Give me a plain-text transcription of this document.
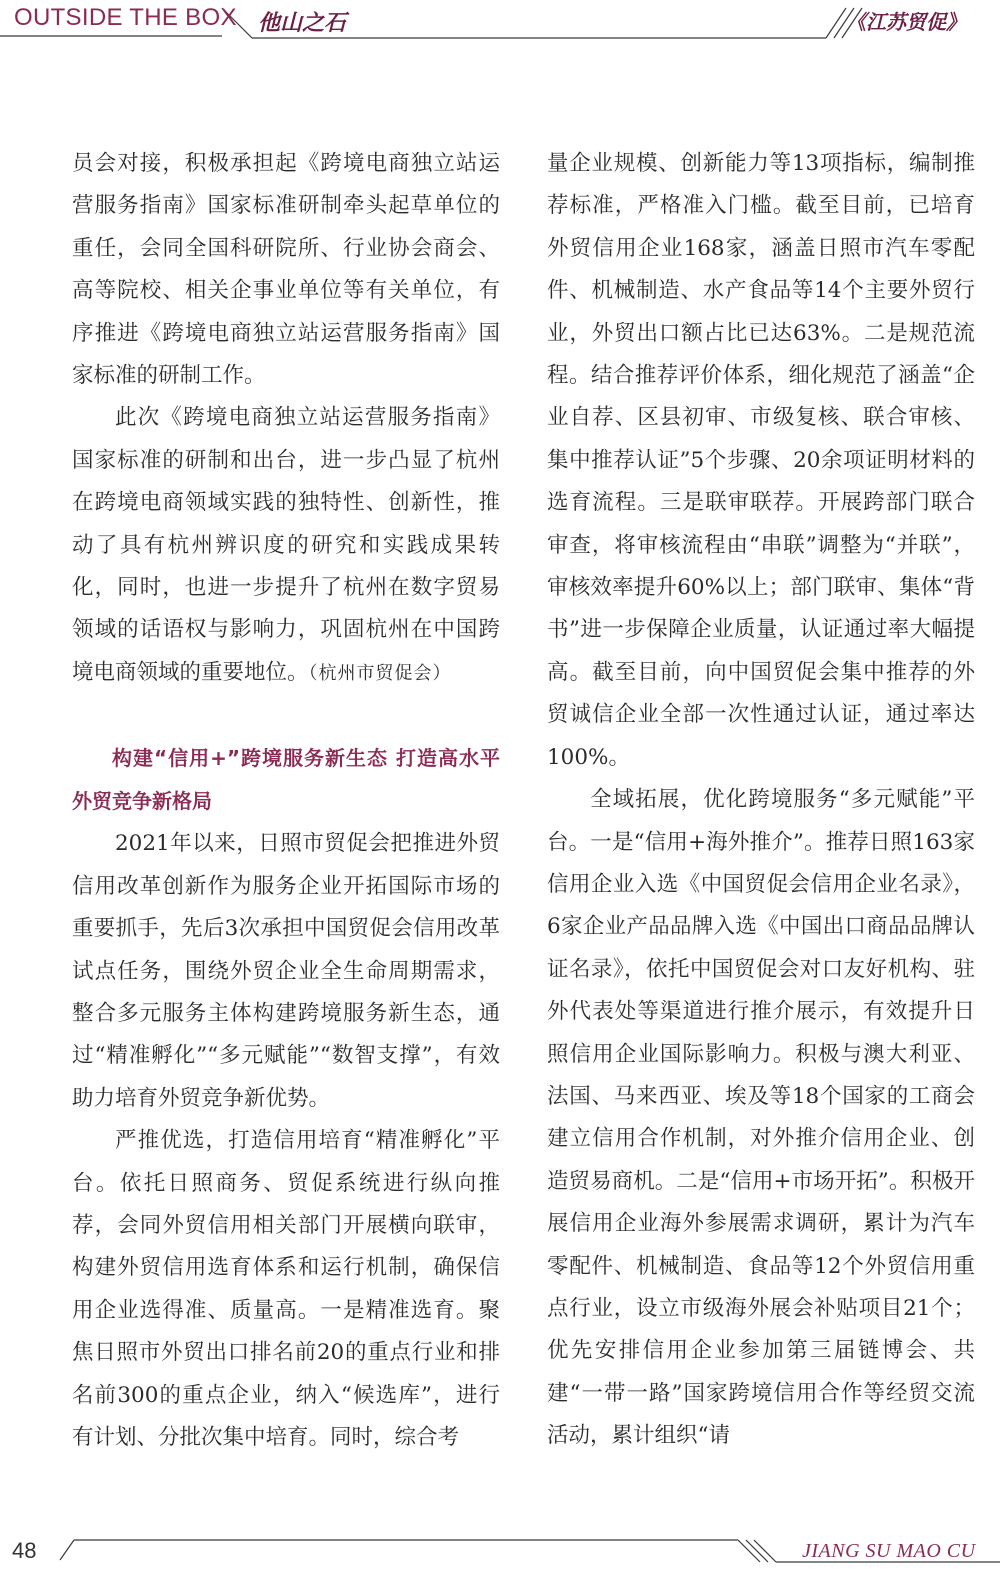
OUTSIDE THE BOX 他山之石	《江苏贸促》

员会对接，积极承担起《跨境电商独立站运营服务指南》国家标准研制牵头起草单位的重任，会同全国科研院所、行业协会商会、高等院校、相关企事业单位等有关单位，有序推进《跨境电商独立站运营服务指南》国家标准的研制工作。

此次《跨境电商独立站运营服务指南》国家标准的研制和出台，进一步凸显了杭州在跨境电商领域实践的独特性、创新性，推动了具有杭州辨识度的研究和实践成果转化，同时，也进一步提升了杭州在数字贸易领域的话语权与影响力，巩固杭州在中国跨境电商领域的重要地位。（杭州市贸促会）

构建“信用+”跨境服务新生态 打造高水平外贸竞争新格局

2021年以来，日照市贸促会把推进外贸信用改革创新作为服务企业开拓国际市场的重要抓手，先后3次承担中国贸促会信用改革试点任务，围绕外贸企业全生命周期需求，整合多元服务主体构建跨境服务新生态，通过“精准孵化”“多元赋能”“数智支撑”，有效助力培育外贸竞争新优势。

严推优选，打造信用培育“精准孵化”平台。依托日照商务、贸促系统进行纵向推荐，会同外贸信用相关部门开展横向联审，构建外贸信用选育体系和运行机制，确保信用企业选得准、质量高。一是精准选育。聚焦日照市外贸出口排名前20的重点行业和排名前300的重点企业，纳入“候选库”，进行有计划、分批次集中培育。同时，综合考

量企业规模、创新能力等13项指标，编制推荐标准，严格准入门槛。截至目前，已培育外贸信用企业168家，涵盖日照市汽车零配件、机械制造、水产食品等14个主要外贸行业，外贸出口额占比已达63%。二是规范流程。结合推荐评价体系，细化规范了涵盖“企业自荐、区县初审、市级复核、联合审核、集中推荐认证”5个步骤、20余项证明材料的选育流程。三是联审联荐。开展跨部门联合审查，将审核流程由“串联”调整为“并联”，审核效率提升60%以上；部门联审、集体“背书”进一步保障企业质量，认证通过率大幅提高。截至目前，向中国贸促会集中推荐的外贸诚信企业全部一次性通过认证，通过率达100%。

全域拓展，优化跨境服务“多元赋能”平台。一是“信用+海外推介”。推荐日照163家信用企业入选《中国贸促会信用企业名录》，6家企业产品品牌入选《中国出口商品品牌认证名录》，依托中国贸促会对口友好机构、驻外代表处等渠道进行推介展示，有效提升日照信用企业国际影响力。积极与澳大利亚、法国、马来西亚、埃及等18个国家的工商会建立信用合作机制，对外推介信用企业、创造贸易商机。二是“信用+市场开拓”。积极开展信用企业海外参展需求调研，累计为汽车零配件、机械制造、食品等12个外贸信用重点行业，设立市级海外展会补贴项目21个；优先安排信用企业参加第三届链博会、共建“一带一路”国家跨境信用合作等经贸交流活动，累计组织“请

48	JIANG SU MAO CU
